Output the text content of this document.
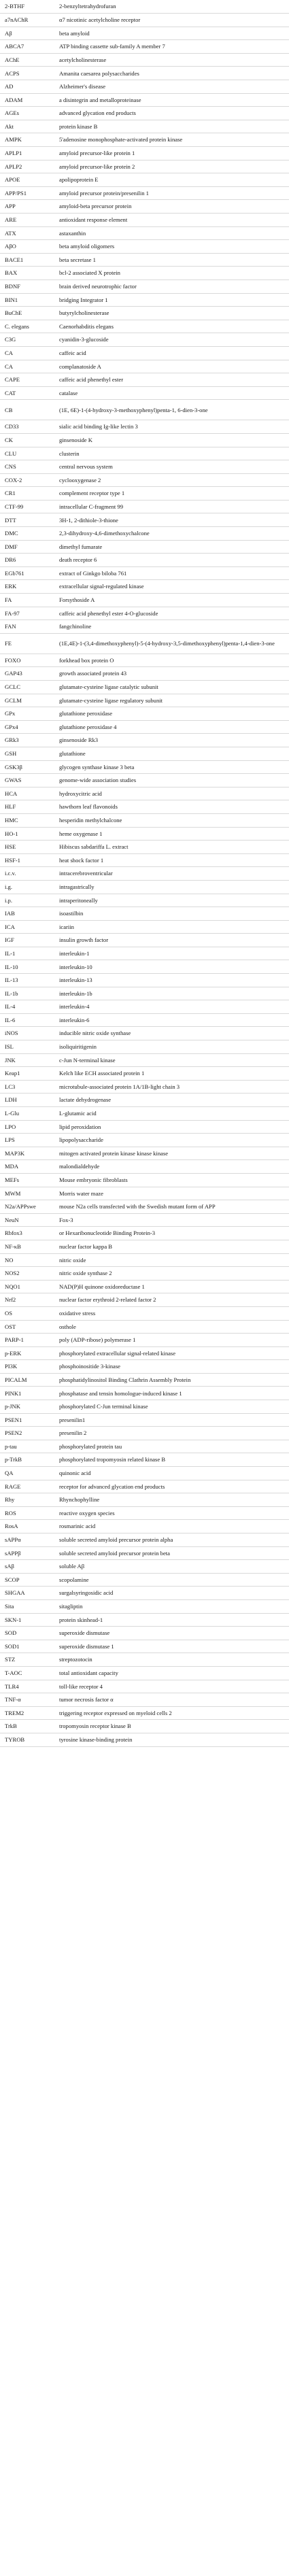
2-BTHF	2-benzyltetrahydrofuran
a7nAChR	α7 nicotinic acetylcholine receptor
Aβ	beta amyloid
ABCA7	ATP binding cassette sub-family A member 7
AChE	acetylcholinesterase
ACPS	Amanita caesarea polysaccharides
AD	Alzheimer's disease
ADAM	a disintegrin and metalloproteinase
AGEs	advanced glycation end products
Akt	protein kinase B
AMPK	5'adenosine monophosphate-activated protein kinase
APLP1	amyloid precursor-like protein 1
APLP2	amyloid precursor-like protein 2
APOE	apolipoprotein E
APP/PS1	amyloid precursor protein/presenilin 1
APP	amyloid-beta precursor protein
ARE	antioxidant response element
ATX	astaxanthin
AβO	beta amyloid oligomers
BACE1	beta secretase 1
BAX	bcl-2 associated X protein
BDNF	brain derived neurotrophic factor
BIN1	bridging Integrator 1
BuChE	butyrylcholinesterase
C. elegans	Caenorhabditis elegans
C3G	cyanidin-3-glucoside
CA	caffeic acid
CA	complanatoside A
CAPE	caffeic acid phenethyl ester
CAT	catalase
CB	(1E, 6E)-1-(4-hydroxy-3-methoxyphenyl)penta-1, 6-dien-3-one
CD33	sialic acid binding Ig-like lectin 3
CK	ginsenoside K
CLU	clusterin
CNS	central nervous system
COX-2	cyclooxygenase 2
CR1	complement receptor type 1
CTF-99	intracellular C-fragment 99
DTT	3H-1, 2-dithiole-3-thione
DMC	2,3-dihydroxy-4,6-dimethoxychalcone
DMF	dimethyl fumarate
DR6	death receptor 6
EGb761	extract of Ginkgo biloba 761
ERK	extracellular signal-regulated kinase
FA	Forsythoside A
FA-97	caffeic acid phenethyl ester 4-O-glucoside
FAN	fangchinoline
FE	(1E,4E)-1-(3,4-dimethoxyphenyl)-5-(4-hydroxy-3,5-dimethoxyphenyl)penta-1,4-dien-3-one
FOXO	forkhead box protein O
GAP43	growth associated protein 43
GCLC	glutamate-cysteine ligase catalytic subunit
GCLM	glutamate-cysteine ligase regulatory subunit
GPx	glutathione peroxidase
GPx4	glutathione peroxidase 4
GRk3	ginsenoside Rk3
GSH	glutathione
GSK3β	glycogen synthase kinase 3 beta
GWAS	genome-wide association studies
HCA	hydroxycitric acid
HLF	hawthorn leaf flavonoids
HMC	hesperidin methylchalcone
HO-1	heme oxygenase 1
HSE	Hibiscus sabdariffa L. extract
HSF-1	heat shock factor 1
i.c.v.	intracerebroventricular
i.g.	intragastrically
i.p.	intraperitoneally
IAB	isoastilbin
ICA	icariin
IGF	insulin growth factor
IL-1	interleukin-1
IL-10	interleukin-10
IL-13	interleukin-13
IL-1b	interleukin-1b
IL-4	interleukin-4
IL-6	interleukin-6
iNOS	inducible nitric oxide synthase
ISL	isoliquiritigenin
JNK	c-Jun N-terminal kinase
Keap1	Kelch like ECH associated protein 1
LC3	microtubule-associated protein 1A/1B-light chain 3
LDH	lactate dehydrogenase
L-Glu	L-glutamic acid
LPO	lipid peroxidation
LPS	lipopolysaccharide
MAP3K	mitogen activated protein kinase kinase kinase
MDA	malondialdehyde
MEFs	Mouse embryonic fibroblasts
MWM	Morris water maze
N2a/APPswe	mouse N2a cells transfected with the Swedish mutant form of APP
NeuN	Fox-3
Rbfox3	or Hexaribonucleotide Binding Protein-3
NF-κB	nuclear factor kappa B
NO	nitric oxide
NOS2	nitric oxide synthase 2
NQO1	NAD(P)H quinone oxidoreductase 1
Nrf2	nuclear factor erythroid 2-related factor 2
OS	oxidative stress
OST	osthole
PARP-1	poly (ADP-ribose) polymerase 1
p-ERK	phosphorylated extracellular signal-related kinase
PI3K	phosphoinositide 3-kinase
PICALM	phosphatidylinositol Binding Clathrin Assembly Protein
PINK1	phosphatase and tensin homologue-induced kinase 1
p-JNK	phosphorylated C-Jun terminal kinase
PSEN1	presenilin1
PSEN2	presenilin 2
p-tau	phosphorylated protein tau
p-TrkB	phosphorylated tropomyosin related kinase B
QA	quinonic acid
RAGE	receptor for advanced glycation end products
Rhy	Rhynchophylline
ROS	reactive oxygen species
RosA	rosmarinic acid
sAPPα	soluble secreted amyloid precursor protein alpha
sAPPβ	soluble secreted amyloid precursor protein beta
sAβ	soluble Aβ
SCOP	scopolamine
SHGAA	surgalsyringosidic acid
Sita	sitagliptin
SKN-1	protein skinhead-1
SOD	superoxide dismutase
SOD1	superoxide dismutase 1
STZ	streptozotocin
T-AOC	total antioxidant capacity
TLR4	toll-like receptor 4
TNF-α	tumor necrosis factor α
TREM2	triggering receptor expressed on myeloid cells 2
TrkB	tropomyosin receptor kinase B
TYROB	tyrosine kinase-binding protein
